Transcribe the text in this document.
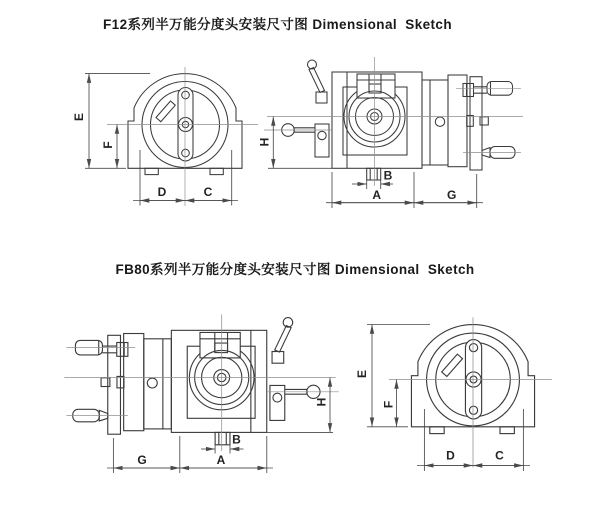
F12系列半万能分度头安装尺寸图 Dimensional  Sketch
FB80系列半万能分度头安装尺寸图 Dimensional  Sketch
E
F
D	C
H
B
A	G
H
B
A
G
E
F
D	C
